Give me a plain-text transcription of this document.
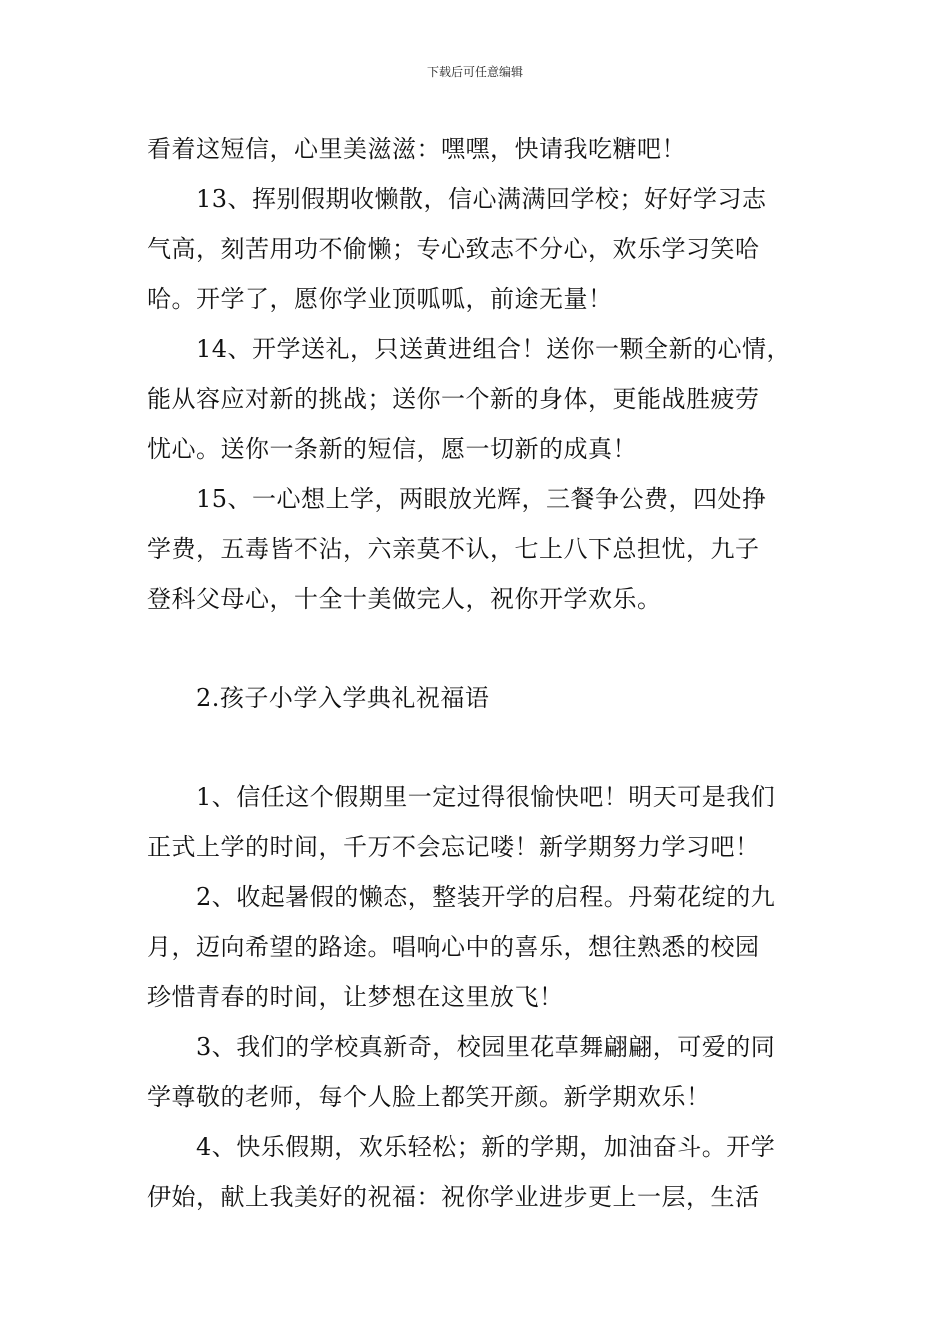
下载后可任意编辑
看着这短信，心里美滋滋：嘿嘿，快请我吃糖吧！
13、挥别假期收懒散，信心满满回学校；好好学习志
气高，刻苦用功不偷懒；专心致志不分心，欢乐学习笑哈
哈。开学了，愿你学业顶呱呱，前途无量！
14、开学送礼，只送黄进组合！送你一颗全新的心情，
能从容应对新的挑战；送你一个新的身体，更能战胜疲劳
忧心。送你一条新的短信，愿一切新的成真！
15、一心想上学，两眼放光辉，三餐争公费，四处挣
学费，五毒皆不沾，六亲莫不认，七上八下总担忧，九子
登科父母心，十全十美做完人，祝你开学欢乐。
2.孩子小学入学典礼祝福语
1、信任这个假期里一定过得很愉快吧！明天可是我们
正式上学的时间，千万不会忘记喽！新学期努力学习吧！
2、收起暑假的懒态，整装开学的启程。丹菊花绽的九
月，迈向希望的路途。唱响心中的喜乐，想往熟悉的校园
珍惜青春的时间，让梦想在这里放飞！
3、我们的学校真新奇，校园里花草舞翩翩，可爱的同
学尊敬的老师，每个人脸上都笑开颜。新学期欢乐！
4、快乐假期，欢乐轻松；新的学期，加油奋斗。开学
伊始，献上我美好的祝福：祝你学业进步更上一层，生活
